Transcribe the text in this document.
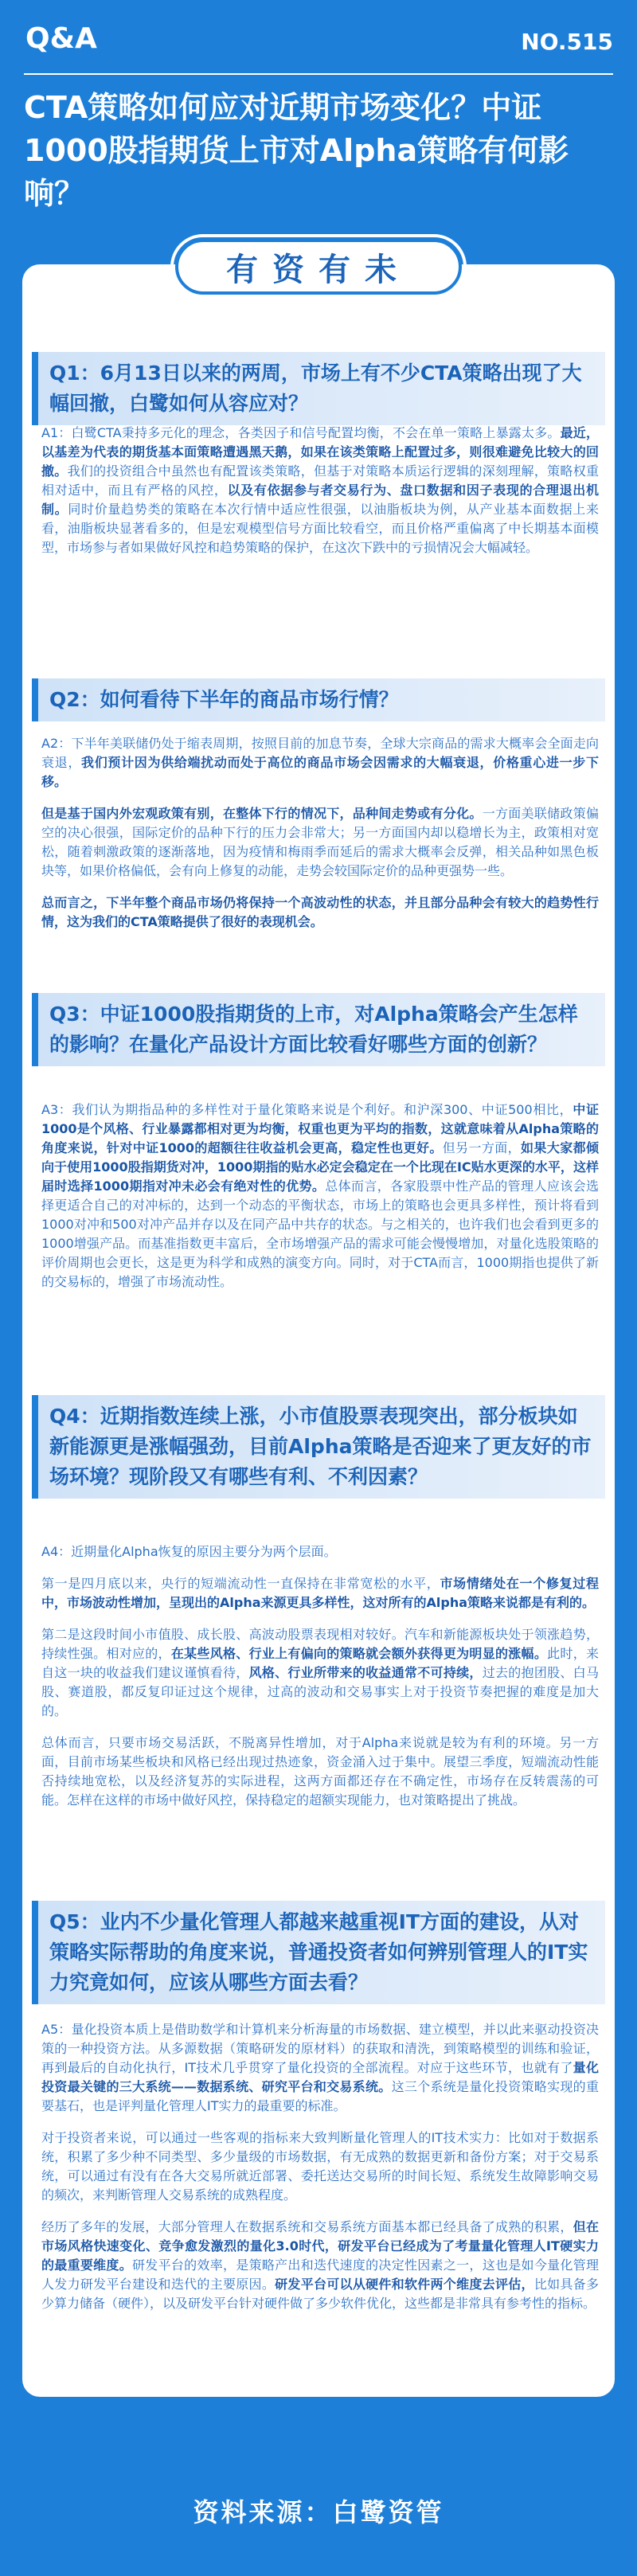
Q&A	NO.515
CTA策略如何应对近期市场变化？中证1000股指期货上市对Alpha策略有何影响？
有资有未
Q1：6月13日以来的两周，市场上有不少CTA策略出现了大幅回撤，白鹭如何从容应对？

A1：白鹭CTA秉持多元化的理念，各类因子和信号配置均衡，不会在单一策略上暴露太多。最近，以基差为代表的期货基本面策略遭遇黑天鹅，如果在该类策略上配置过多，则很难避免比较大的回撤。我们的投资组合中虽然也有配置该类策略，但基于对策略本质运行逻辑的深刻理解，策略权重相对适中，而且有严格的风控，以及有依据参与者交易行为、盘口数据和因子表现的合理退出机制。同时价量趋势类的策略在本次行情中适应性很强，以油脂板块为例，从产业基本面数据上来看，油脂板块显著看多的，但是宏观模型信号方面比较看空，而且价格严重偏离了中长期基本面模型，市场参与者如果做好风控和趋势策略的保护，在这次下跌中的亏损情况会大幅减轻。

Q2：如何看待下半年的商品市场行情？

A2：下半年美联储仍处于缩表周期，按照目前的加息节奏，全球大宗商品的需求大概率会全面走向衰退，我们预计因为供给端扰动而处于高位的商品市场会因需求的大幅衰退，价格重心进一步下移。

但是基于国内外宏观政策有别，在整体下行的情况下，品种间走势或有分化。一方面美联储政策偏空的决心很强，国际定价的品种下行的压力会非常大；另一方面国内却以稳增长为主，政策相对宽松，随着刺激政策的逐渐落地，因为疫情和梅雨季而延后的需求大概率会反弹，相关品种如黑色板块等，如果价格偏低，会有向上修复的动能，走势会较国际定价的品种更强势一些。

总而言之，下半年整个商品市场仍将保持一个高波动性的状态，并且部分品种会有较大的趋势性行情，这为我们的CTA策略提供了很好的表现机会。

Q3：中证1000股指期货的上市，对Alpha策略会产生怎样的影响？在量化产品设计方面比较看好哪些方面的创新？

A3：我们认为期指品种的多样性对于量化策略来说是个利好。和沪深300、中证500相比，中证1000是个风格、行业暴露都相对更为均衡，权重也更为平均的指数，这就意味着从Alpha策略的角度来说，针对中证1000的超额往往收益机会更高，稳定性也更好。但另一方面，如果大家都倾向于使用1000股指期货对冲，1000期指的贴水必定会稳定在一个比现在IC贴水更深的水平，这样届时选择1000期指对冲未必会有绝对性的优势。总体而言，各家股票中性产品的管理人应该会选择更适合自己的对冲标的，达到一个动态的平衡状态，市场上的策略也会更具多样性，预计将看到1000对冲和500对冲产品并存以及在同产品中共存的状态。与之相关的，也许我们也会看到更多的1000增强产品。而基准指数更丰富后，全市场增强产品的需求可能会慢慢增加，对量化选股策略的评价周期也会更长，这是更为科学和成熟的演变方向。同时，对于CTA而言，1000期指也提供了新的交易标的，增强了市场流动性。

Q4：近期指数连续上涨，小市值股票表现突出，部分板块如新能源更是涨幅强劲，目前Alpha策略是否迎来了更友好的市场环境？现阶段又有哪些有利、不利因素？

A4：近期量化Alpha恢复的原因主要分为两个层面。

第一是四月底以来，央行的短端流动性一直保持在非常宽松的水平，市场情绪处在一个修复过程中，市场波动性增加，呈现出的Alpha来源更具多样性，这对所有的Alpha策略来说都是有利的。

第二是这段时间小市值股、成长股、高波动股票表现相对较好。汽车和新能源板块处于领涨趋势，持续性强。相对应的，在某些风格、行业上有偏向的策略就会额外获得更为明显的涨幅。此时，来自这一块的收益我们建议谨慎看待，风格、行业所带来的收益通常不可持续，过去的抱团股、白马股、赛道股，都反复印证过这个规律，过高的波动和交易事实上对于投资节奏把握的难度是加大的。

总体而言，只要市场交易活跃，不脱离异性增加，对于Alpha来说就是较为有利的环境。另一方面，目前市场某些板块和风格已经出现过热迹象，资金涌入过于集中。展望三季度，短端流动性能否持续地宽松，以及经济复苏的实际进程，这两方面都还存在不确定性，市场存在反转震荡的可能。怎样在这样的市场中做好风控，保持稳定的超额实现能力，也对策略提出了挑战。

Q5：业内不少量化管理人都越来越重视IT方面的建设，从对策略实际帮助的角度来说，普通投资者如何辨别管理人的IT实力究竟如何，应该从哪些方面去看？

A5：量化投资本质上是借助数学和计算机来分析海量的市场数据、建立模型，并以此来驱动投资决策的一种投资方法。从多源数据（策略研发的原材料）的获取和清洗，到策略模型的训练和验证，再到最后的自动化执行，IT技术几乎贯穿了量化投资的全部流程。对应于这些环节，也就有了量化投资最关键的三大系统——数据系统、研究平台和交易系统。这三个系统是量化投资策略实现的重要基石，也是评判量化管理人IT实力的最重要的标准。

对于投资者来说，可以通过一些客观的指标来大致判断量化管理人的IT技术实力：比如对于数据系统，积累了多少种不同类型、多少量级的市场数据，有无成熟的数据更新和备份方案；对于交易系统，可以通过有没有在各大交易所就近部署、委托送达交易所的时间长短、系统发生故障影响交易的频次，来判断管理人交易系统的成熟程度。

经历了多年的发展，大部分管理人在数据系统和交易系统方面基本都已经具备了成熟的积累，但在市场风格快速变化、竞争愈发激烈的量化3.0时代，研发平台已经成为了考量量化管理人IT硬实力的最重要维度。研发平台的效率，是策略产出和迭代速度的决定性因素之一，这也是如今量化管理人发力研发平台建设和迭代的主要原因。研发平台可以从硬件和软件两个维度去评估，比如具备多少算力储备（硬件），以及研发平台针对硬件做了多少软件优化，这些都是非常具有参考性的指标。

资料来源：白鹭资管
